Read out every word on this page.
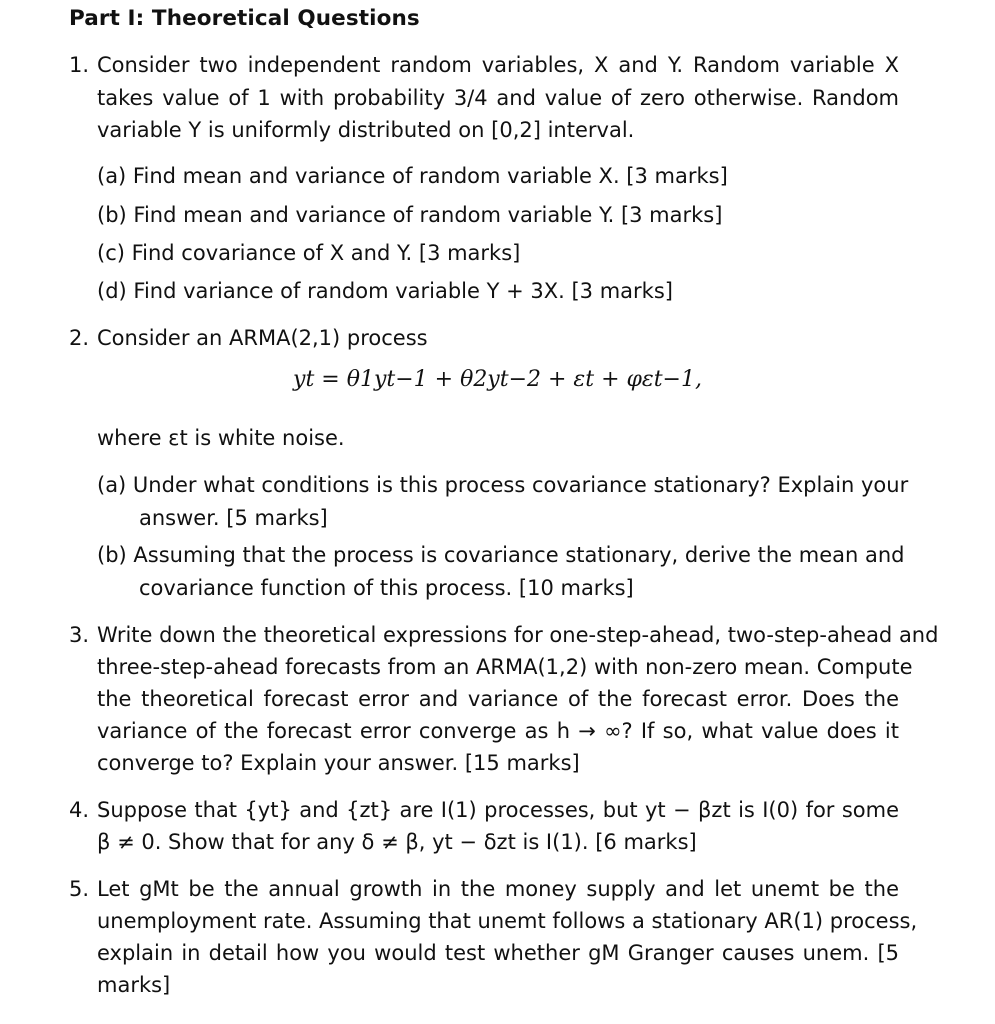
Part I: Theoretical Questions
1. Consider two independent random variables, X and Y. Random variable X
takes value of 1 with probability 3/4 and value of zero otherwise. Random
variable Y is uniformly distributed on [0,2] interval.
(a) Find mean and variance of random variable X. [3 marks]
(b) Find mean and variance of random variable Y. [3 marks]
(c) Find covariance of X and Y. [3 marks]
(d) Find variance of random variable Y + 3X. [3 marks]
2. Consider an ARMA(2,1) process
yt = θ1yt−1 + θ2yt−2 + εt + φεt−1,
where εt is white noise.
(a) Under what conditions is this process covariance stationary? Explain your
answer. [5 marks]
(b) Assuming that the process is covariance stationary, derive the mean and
covariance function of this process. [10 marks]
3. Write down the theoretical expressions for one-step-ahead, two-step-ahead and
three-step-ahead forecasts from an ARMA(1,2) with non-zero mean. Compute
the theoretical forecast error and variance of the forecast error. Does the
variance of the forecast error converge as h → ∞? If so, what value does it
converge to? Explain your answer. [15 marks]
4. Suppose that {yt} and {zt} are I(1) processes, but yt − βzt is I(0) for some
β ≠ 0. Show that for any δ ≠ β, yt − δzt is I(1). [6 marks]
5. Let gMt be the annual growth in the money supply and let unemt be the
unemployment rate. Assuming that unemt follows a stationary AR(1) process,
explain in detail how you would test whether gM Granger causes unem. [5
marks]
